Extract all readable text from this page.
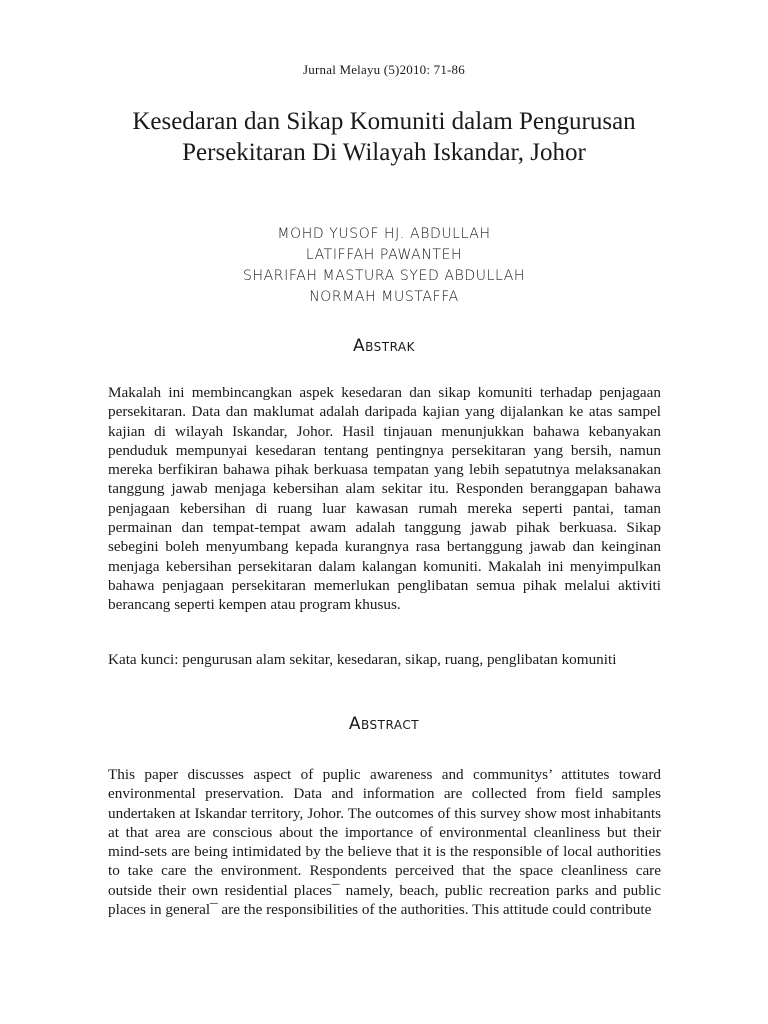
Jurnal Melayu (5)2010: 71-86
Kesedaran dan Sikap Komuniti dalam Pengurusan Persekitaran Di Wilayah Iskandar, Johor
MOHD YUSOF HJ. ABDULLAH
LATIFFAH PAWANTEH
SHARIFAH MASTURA SYED ABDULLAH
NORMAH MUSTAFFA
Abstrak

Makalah ini membincangkan aspek kesedaran dan sikap komuniti terhadap penjagaan persekitaran. Data dan maklumat adalah daripada kajian yang dijalankan ke atas sampel kajian di wilayah Iskandar, Johor. Hasil tinjauan menunjukkan bahawa kebanyakan penduduk mempunyai kesedaran tentang pentingnya persekitaran yang bersih, namun mereka berfikiran bahawa pihak berkuasa tempatan yang lebih sepatutnya melaksanakan tanggung jawab menjaga kebersihan alam sekitar itu. Responden beranggapan bahawa penjagaan kebersihan di ruang luar kawasan rumah mereka seperti pantai, taman permainan dan tempat-tempat awam adalah tanggung jawab pihak berkuasa. Sikap sebegini boleh menyumbang kepada kurangnya rasa bertanggung jawab dan keinginan menjaga kebersihan persekitaran dalam kalangan komuniti. Makalah ini menyimpulkan bahawa penjagaan persekitaran memerlukan penglibatan semua pihak melalui aktiviti berancang seperti kempen atau program khusus.

Kata kunci: pengurusan alam sekitar, kesedaran, sikap, ruang, penglibatan komuniti

Abstract

This paper discusses aspect of puplic awareness and communitys’ attitutes toward environmental preservation. Data and information are collected from field samples undertaken at Iskandar territory, Johor. The outcomes of this survey show most inhabitants at that area are conscious about the importance of environmental cleanliness but their mind-sets are being intimidated by the believe that it is the responsible of local authorities to take care the environment. Respondents perceived that the space cleanliness care outside their own residential places¯ namely, beach, public recreation parks and public places in general¯ are the responsibilities of the authorities. This attitude could contribute
